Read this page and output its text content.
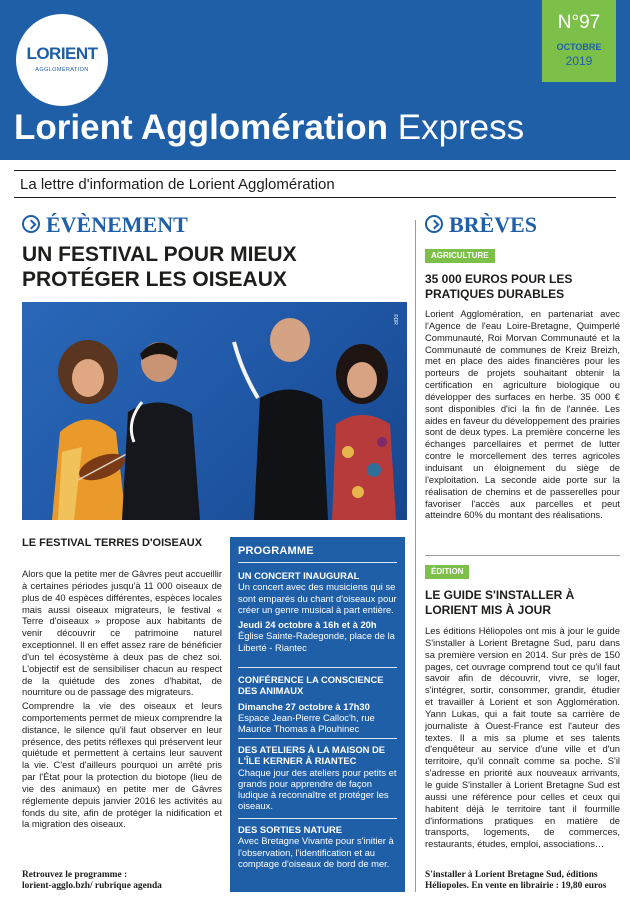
LORIENT
AGGLOMÉRATION
N°97
OCTOBRE
2019
Lorient Agglomération Express
La lettre d'information de Lorient Agglomération
ÉVÈNEMENT	BRÈVES
UN FESTIVAL POUR MIEUX PROTÉGER LES OISEAUX
©DR
LE FESTIVAL TERRES D'OISEAUX
Alors que la petite mer de Gâvres peut accueillir à certaines périodes jusqu'à 11 000 oiseaux de plus de 40 espèces différentes, espèces locales mais aussi oiseaux migrateurs, le festival « Terre d'oiseaux » propose aux habitants de venir découvrir ce patrimoine naturel exceptionnel. Il en effet assez rare de bénéficier d'un tel écosystème à deux pas de chez soi. L'objectif est de sensibiliser chacun au respect de la quiétude des zones d'habitat, de nourriture ou de passage des migrateurs.
Comprendre la vie des oiseaux et leurs comportements permet de mieux comprendre la distance, le silence qu'il faut observer en leur présence, des petits réflexes qui préservent leur quiétude et permettent à certains leur sauvent la vie. C'est d'ailleurs pourquoi un arrêté pris par l'État pour la protection du biotope (lieu de vie des animaux) en petite mer de Gâvres réglemente depuis janvier 2016 les activités au fonds du site, afin de protéger la nidification et la migration des oiseaux.
Retrouvez le programme :
lorient-agglo.bzh/ rubrique agenda
PROGRAMME
UN CONCERT INAUGURAL
Un concert avec des musiciens qui se sont emparés du chant d'oiseaux pour créer un genre musical à part entière.
Jeudi 24 octobre à 16h et à 20h
Église Sainte-Radegonde, place de la Liberté - Riantec
CONFÉRENCE LA CONSCIENCE DES ANIMAUX
Dimanche 27 octobre à 17h30
Espace Jean-Pierre Calloc'h, rue Maurice Thomas à Plouhinec
DES ATELIERS À LA MAISON DE L'ÎLE KERNER À RIANTEC
Chaque jour des ateliers pour petits et grands pour apprendre de façon ludique à reconnaître et protéger les oiseaux.
DES SORTIES NATURE
Avec Bretagne Vivante pour s'initier à l'observation, l'identification et au comptage d'oiseaux de bord de mer.
AGRICULTURE
35 000 EUROS POUR LES PRATIQUES DURABLES
Lorient Agglomération, en partenariat avec l'Agence de l'eau Loire-Bretagne, Quimperlé Communauté, Roi Morvan Communauté et la Communauté de communes de Kreiz Breizh, met en place des aides financières pour les porteurs de projets souhaitant obtenir la certification en agriculture biologique ou développer des surfaces en herbe. 35 000 € sont disponibles d'ici la fin de l'année. Les aides en faveur du développement des prairies sont de deux types. La première concerne les échanges parcellaires et permet de lutter contre le morcellement des terres agricoles induisant un éloignement du siège de l'exploitation. La seconde aide porte sur la réalisation de chemins et de passerelles pour favoriser l'accès aux parcelles et peut atteindre 60% du montant des réalisations.
ÉDITION
LE GUIDE S'INSTALLER À LORIENT MIS À JOUR
Les éditions Héliopoles ont mis à jour le guide S'installer à Lorient Bretagne Sud, paru dans sa première version en 2014. Sur près de 150 pages, cet ouvrage comprend tout ce qu'il faut savoir afin de découvrir, vivre, se loger, s'intégrer, sortir, consommer, grandir, étudier et travailler à Lorient et son Agglomération. Yann Lukas, qui a fait toute sa carrière de journaliste à Ouest-France est l'auteur des textes. Il a mis sa plume et ses talents d'enquêteur au service d'une ville et d'un territoire, qu'il connaît comme sa poche. S'il s'adresse en priorité aux nouveaux arrivants, le guide S'installer à Lorient Bretagne Sud est aussi une référence pour celles et ceux qui habitent déjà le territoire tant il fourmille d'informations pratiques en matière de transports, logements, de commerces, restaurants, études, emploi, associations…
S'installer à Lorient Bretagne Sud, éditions
Héliopoles. En vente en librairie : 19,80 euros
